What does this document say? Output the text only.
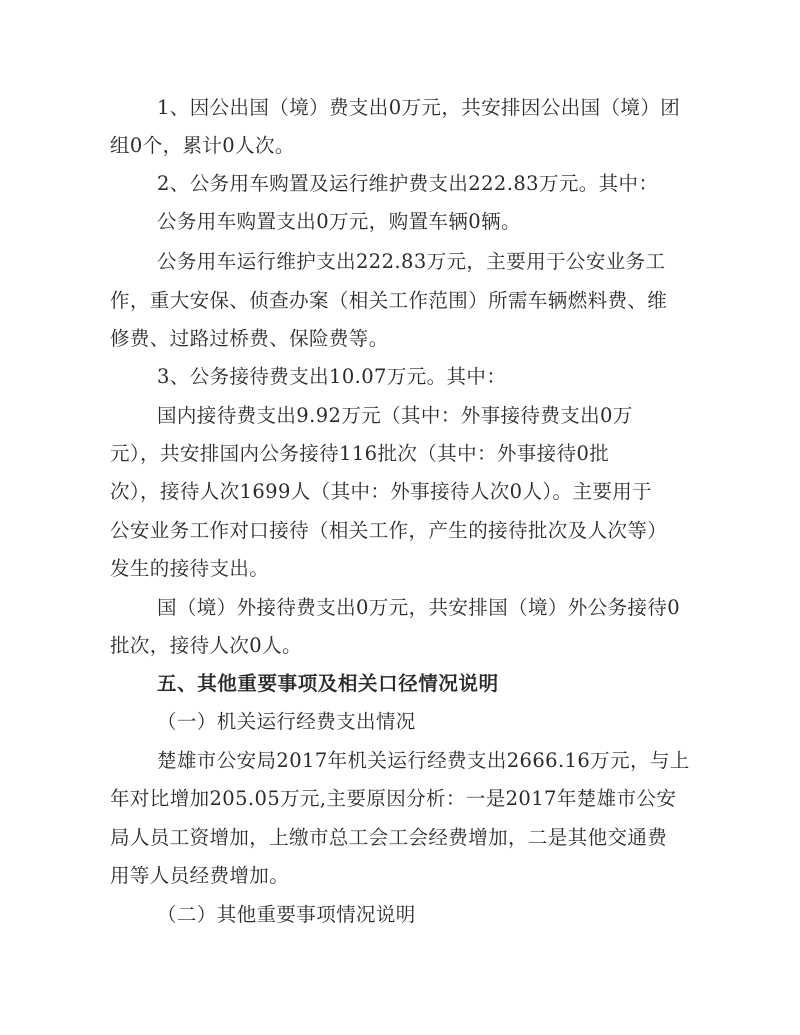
1、因公出国（境）费支出0万元，共安排因公出国（境）团

组0个，累计0人次。

2、公务用车购置及运行维护费支出222.83万元。其中：

公务用车购置支出0万元，购置车辆0辆。

公务用车运行维护支出222.83万元，主要用于公安业务工

作，重大安保、侦查办案（相关工作范围）所需车辆燃料费、维

修费、过路过桥费、保险费等。

3、公务接待费支出10.07万元。其中：

国内接待费支出9.92万元（其中：外事接待费支出0万

元），共安排国内公务接待116批次（其中：外事接待0批

次），接待人次1699人（其中：外事接待人次0人）。主要用于

公安业务工作对口接待（相关工作，产生的接待批次及人次等）

发生的接待支出。

国（境）外接待费支出0万元，共安排国（境）外公务接待0

批次，接待人次0人。

五、其他重要事项及相关口径情况说明

（一）机关运行经费支出情况

楚雄市公安局2017年机关运行经费支出2666.16万元，与上

年对比增加205.05万元,主要原因分析：一是2017年楚雄市公安

局人员工资增加，上缴市总工会工会经费增加，二是其他交通费

用等人员经费增加。

（二）其他重要事项情况说明
